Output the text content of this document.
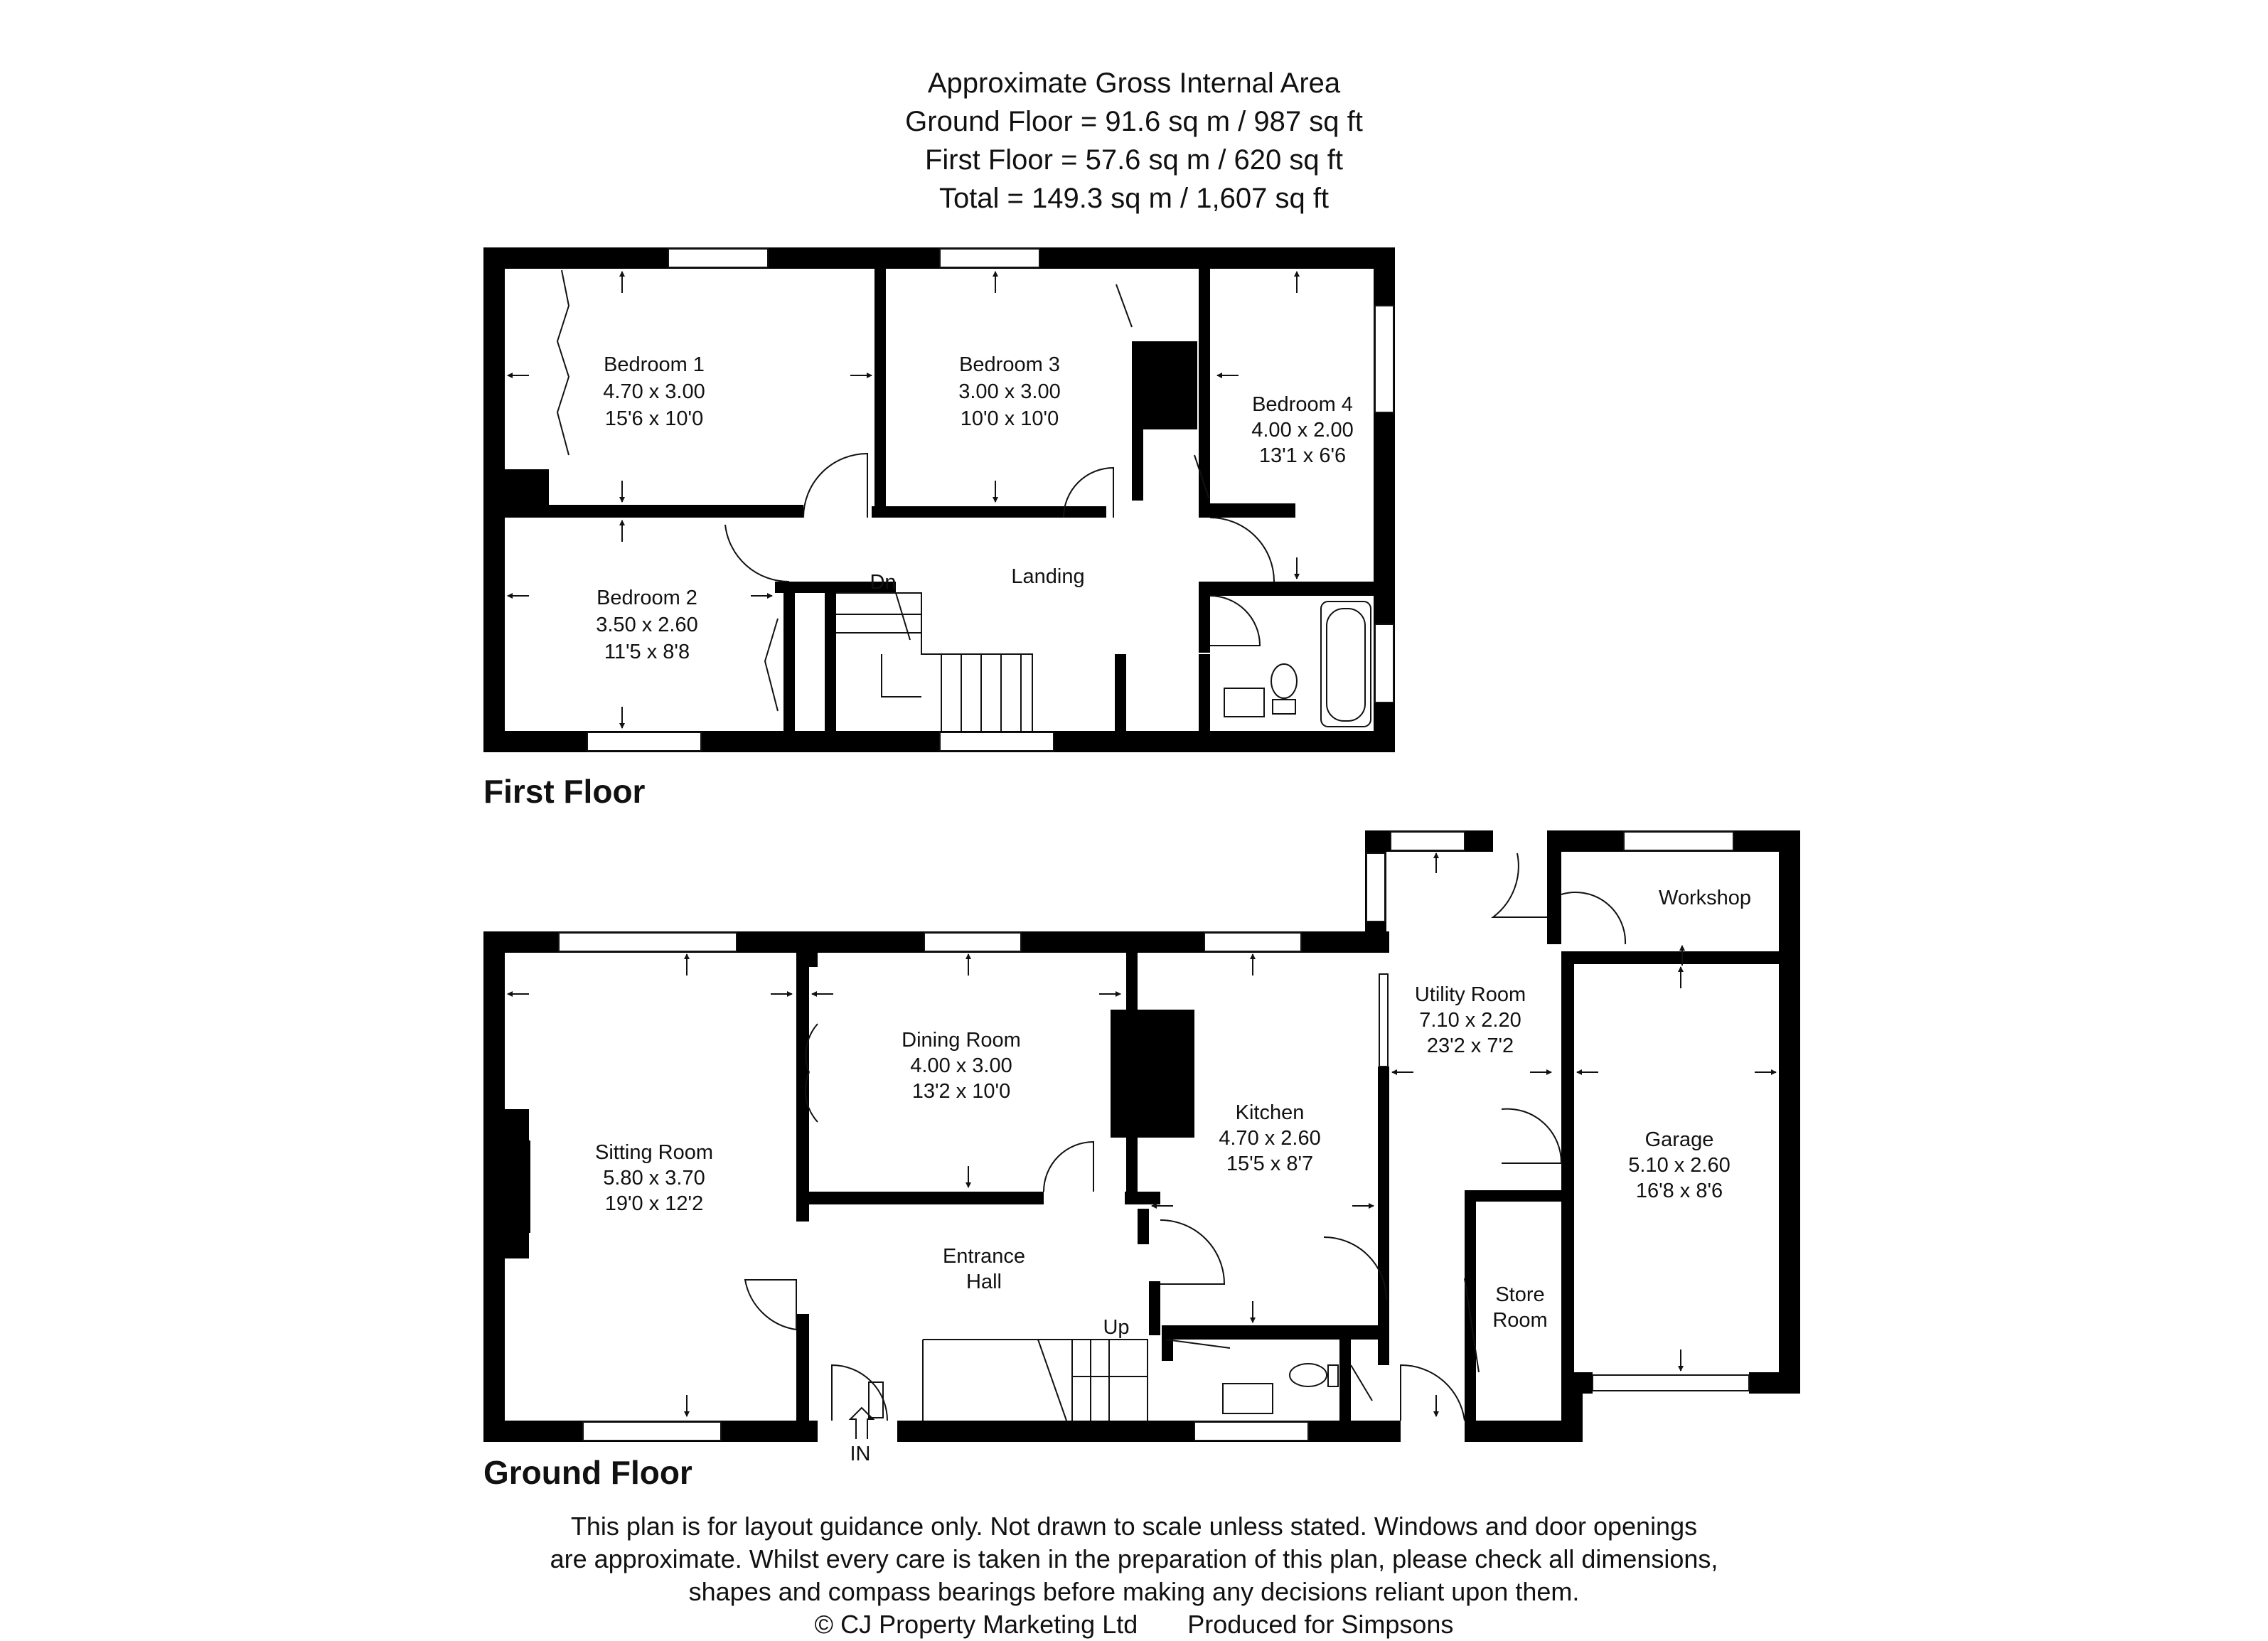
Approximate Gross Internal Area
Ground Floor = 91.6 sq m / 987 sq ft
First Floor = 57.6 sq m / 620 sq ft
Total = 149.3 sq m / 1,607 sq ft
Bedroom 1
4.70 x 3.00
15'6 x 10'0
Bedroom 3
3.00 x 3.00
10'0 x 10'0
Bedroom 4
4.00 x 2.00
13'1 x 6'6
Bedroom 2
3.50 x 2.60
11'5 x 8'8
Landing
Dn
Sitting Room
5.80 x 3.70
19'0 x 12'2
Dining Room
4.00 x 3.00
13'2 x 10'0
Kitchen
4.70 x 2.60
15'5 x 8'7
Utility Room
7.10 x 2.20
23'2 x 7'2
Garage
5.10 x 2.60
16'8 x 8'6
Workshop
Entrance
Hall
Store
Room
Up
IN
First Floor
Ground Floor
This plan is for layout guidance only. Not drawn to scale unless stated. Windows and door openings
are approximate. Whilst every care is taken in the preparation of this plan, please check all dimensions,
shapes and compass bearings before making any decisions reliant upon them.
© CJ Property Marketing Ltd Produced for Simpsons
